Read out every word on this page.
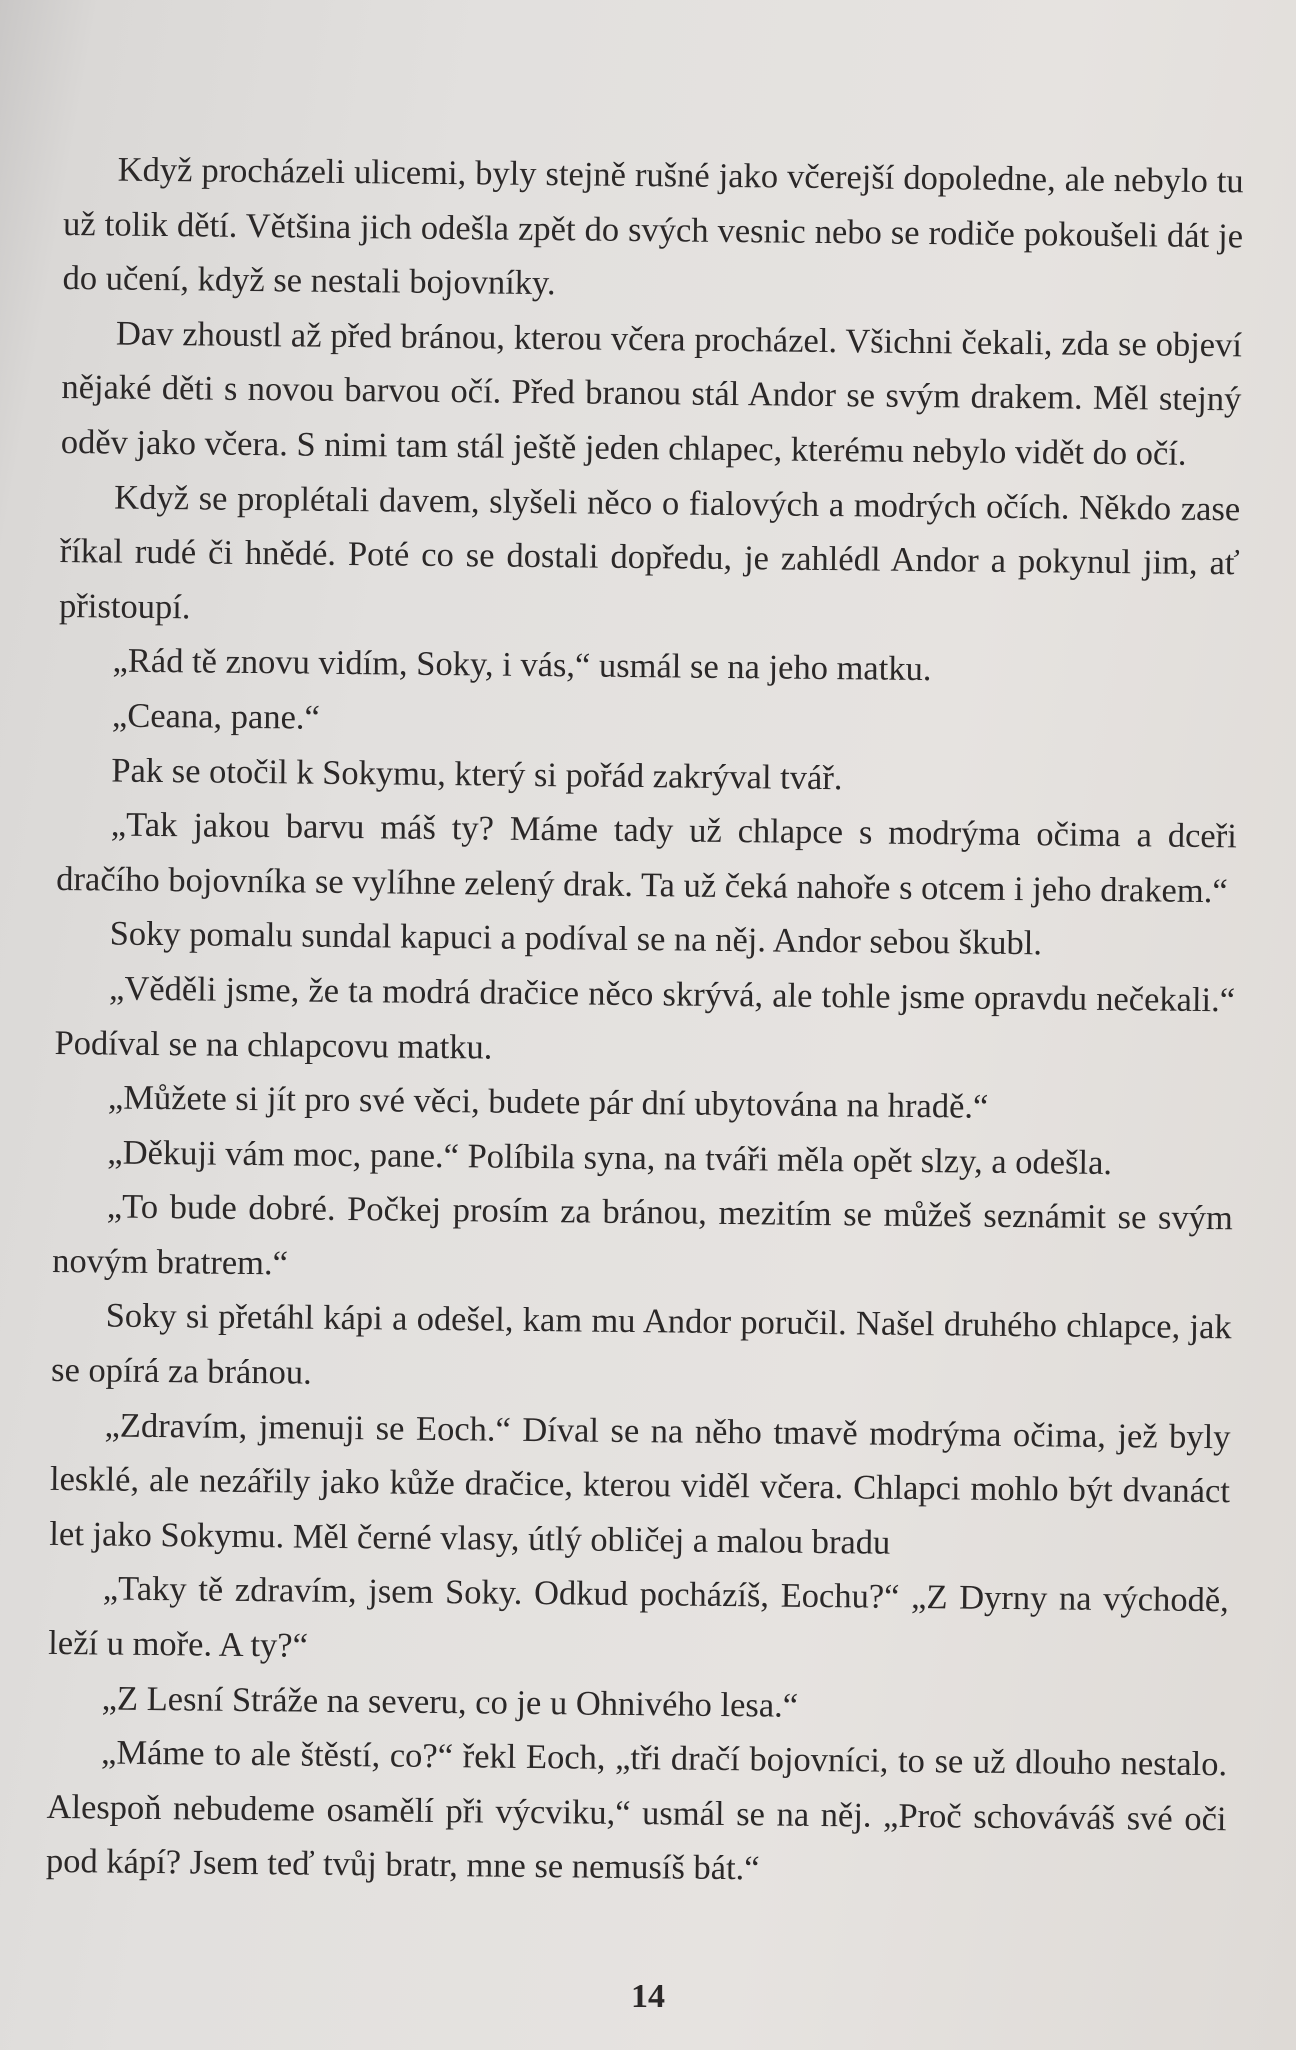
Když procházeli ulicemi, byly stejně rušné jako včerejší dopoledne, ale nebylo tu už tolik dětí. Většina jich odešla zpět do svých vesnic nebo se rodiče pokoušeli dát je do učení, když se nestali bojovníky.

Dav zhoustl až před bránou, kterou včera procházel. Všichni čekali, zda se objeví nějaké děti s novou barvou očí. Před branou stál Andor se svým drakem. Měl stejný oděv jako včera. S nimi tam stál ještě jeden chlapec, kterému nebylo vidět do očí.

Když se proplétali davem, slyšeli něco o fialových a modrých očích. Někdo zase říkal rudé či hnědé. Poté co se dostali dopředu, je zahlédl Andor a pokynul jim, ať přistoupí.

„Rád tě znovu vidím, Soky, i vás,“ usmál se na jeho matku.

„Ceana, pane.“

Pak se otočil k Sokymu, který si pořád zakrýval tvář.

„Tak jakou barvu máš ty? Máme tady už chlapce s modrýma očima a dceři dračího bojovníka se vylíhne zelený drak. Ta už čeká nahoře s otcem i jeho drakem.“

Soky pomalu sundal kapuci a podíval se na něj. Andor sebou škubl.

„Věděli jsme, že ta modrá dračice něco skrývá, ale tohle jsme opravdu nečekali.“ Podíval se na chlapcovu matku.

„Můžete si jít pro své věci, budete pár dní ubytována na hradě.“

„Děkuji vám moc, pane.“ Políbila syna, na tváři měla opět slzy, a odešla.

„To bude dobré. Počkej prosím za bránou, mezitím se můžeš seznámit se svým novým bratrem.“

Soky si přetáhl kápi a odešel, kam mu Andor poručil. Našel druhého chlapce, jak se opírá za bránou.

„Zdravím, jmenuji se Eoch.“ Díval se na něho tmavě modrýma očima, jež byly lesklé, ale nezářily jako kůže dračice, kterou viděl včera. Chlapci mohlo být dvanáct let jako Sokymu. Měl černé vlasy, útlý obličej a malou bradu

„Taky tě zdravím, jsem Soky. Odkud pocházíš, Eochu?“ „Z Dyrny na východě, leží u moře. A ty?“

„Z Lesní Stráže na severu, co je u Ohnivého lesa.“

„Máme to ale štěstí, co?“ řekl Eoch, „tři dračí bojovníci, to se už dlouho nestalo. Alespoň nebudeme osamělí při výcviku,“ usmál se na něj. „Proč schováváš své oči pod kápí? Jsem teď tvůj bratr, mne se nemusíš bát.“

14
